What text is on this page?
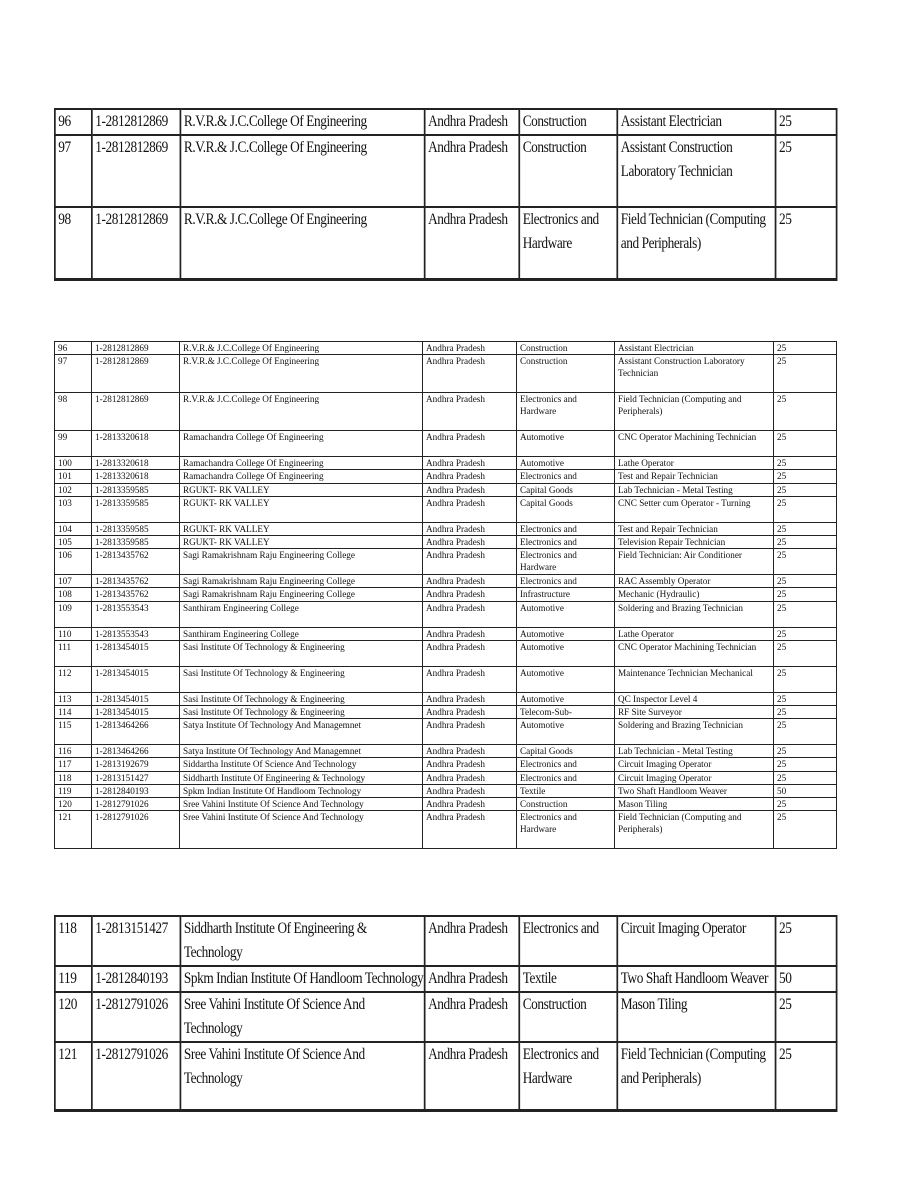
96	1-2812812869	R.V.R.& J.C.College Of Engineering	Andhra Pradesh	Construction	Assistant Electrician	25
97	1-2812812869	R.V.R.& J.C.College Of Engineering	Andhra Pradesh	Construction	Assistant Construction Laboratory Technician	25
98	1-2812812869	R.V.R.& J.C.College Of Engineering	Andhra Pradesh	Electronics and Hardware	Field Technician (Computing and Peripherals)	25
96	1-2812812869	R.V.R.& J.C.College Of Engineering	Andhra Pradesh	Construction	Assistant Electrician	25
97	1-2812812869	R.V.R.& J.C.College Of Engineering	Andhra Pradesh	Construction	Assistant Construction Laboratory Technician	25
98	1-2812812869	R.V.R.& J.C.College Of Engineering	Andhra Pradesh	Electronics and Hardware	Field Technician (Computing and Peripherals)	25
99	1-2813320618	Ramachandra College Of Engineering	Andhra Pradesh	Automotive	CNC Operator Machining Technician	25
100	1-2813320618	Ramachandra College Of Engineering	Andhra Pradesh	Automotive	Lathe Operator	25
101	1-2813320618	Ramachandra College Of Engineering	Andhra Pradesh	Electronics and	Test and Repair Technician	25
102	1-2813359585	RGUKT- RK VALLEY	Andhra Pradesh	Capital Goods	Lab Technician - Metal Testing	25
103	1-2813359585	RGUKT- RK VALLEY	Andhra Pradesh	Capital Goods	CNC Setter cum Operator - Turning	25
104	1-2813359585	RGUKT- RK VALLEY	Andhra Pradesh	Electronics and	Test and Repair Technician	25
105	1-2813359585	RGUKT- RK VALLEY	Andhra Pradesh	Electronics and	Television Repair Technician	25
106	1-2813435762	Sagi Ramakrishnam Raju Engineering College	Andhra Pradesh	Electronics and Hardware	Field Technician: Air Conditioner	25
107	1-2813435762	Sagi Ramakrishnam Raju Engineering College	Andhra Pradesh	Electronics and	RAC Assembly Operator	25
108	1-2813435762	Sagi Ramakrishnam Raju Engineering College	Andhra Pradesh	Infrastructure	Mechanic (Hydraulic)	25
109	1-2813553543	Santhiram Engineering College	Andhra Pradesh	Automotive	Soldering and Brazing Technician	25
110	1-2813553543	Santhiram Engineering College	Andhra Pradesh	Automotive	Lathe Operator	25
111	1-2813454015	Sasi Institute Of Technology & Engineering	Andhra Pradesh	Automotive	CNC Operator Machining Technician	25
112	1-2813454015	Sasi Institute Of Technology & Engineering	Andhra Pradesh	Automotive	Maintenance Technician Mechanical	25
113	1-2813454015	Sasi Institute Of Technology & Engineering	Andhra Pradesh	Automotive	QC Inspector Level 4	25
114	1-2813454015	Sasi Institute Of Technology & Engineering	Andhra Pradesh	Telecom-Sub-	RF Site Surveyor	25
115	1-2813464266	Satya Institute Of Technology And Managemnet	Andhra Pradesh	Automotive	Soldering and Brazing Technician	25
116	1-2813464266	Satya Institute Of Technology And Managemnet	Andhra Pradesh	Capital Goods	Lab Technician - Metal Testing	25
117	1-2813192679	Siddartha Institute Of Science And Technology	Andhra Pradesh	Electronics and	Circuit Imaging Operator	25
118	1-2813151427	Siddharth Institute Of Engineering & Technology	Andhra Pradesh	Electronics and	Circuit Imaging Operator	25
119	1-2812840193	Spkm Indian Institute Of Handloom Technology	Andhra Pradesh	Textile	Two Shaft Handloom Weaver	50
120	1-2812791026	Sree Vahini Institute Of Science And Technology	Andhra Pradesh	Construction	Mason Tiling	25
121	1-2812791026	Sree Vahini Institute Of Science And Technology	Andhra Pradesh	Electronics and Hardware	Field Technician (Computing and Peripherals)	25
118	1-2813151427	Siddharth Institute Of Engineering & Technology	Andhra Pradesh	Electronics and	Circuit Imaging Operator	25
119	1-2812840193	Spkm Indian Institute Of Handloom Technology	Andhra Pradesh	Textile	Two Shaft Handloom Weaver	50
120	1-2812791026	Sree Vahini Institute Of Science And Technology	Andhra Pradesh	Construction	Mason Tiling	25
121	1-2812791026	Sree Vahini Institute Of Science And Technology	Andhra Pradesh	Electronics and Hardware	Field Technician (Computing and Peripherals)	25
